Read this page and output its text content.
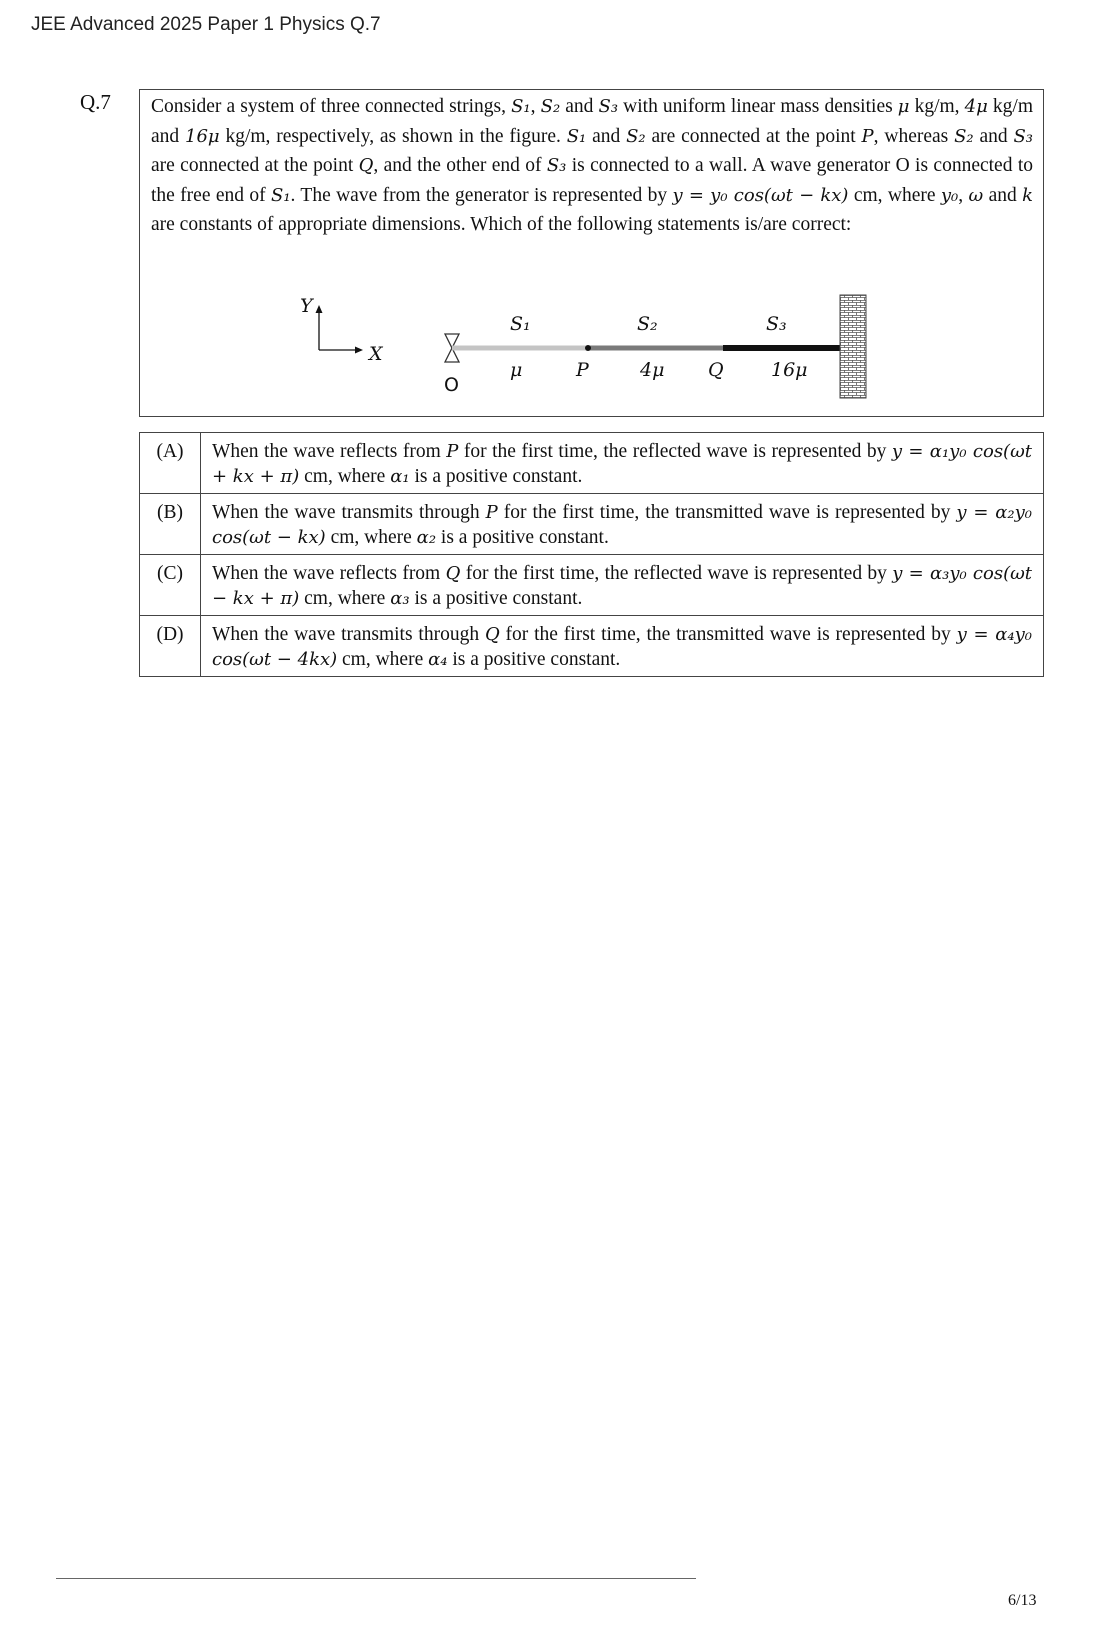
JEE Advanced 2025 Paper 1 Physics Q.7
Q.7 Consider a system of three connected strings, S₁, S₂ and S₃ with uniform linear mass densities μ kg/m, 4μ kg/m and 16μ kg/m, respectively, as shown in the figure. S₁ and S₂ are connected at the point P, whereas S₂ and S₃ are connected at the point Q, and the other end of S₃ is connected to a wall. A wave generator O is connected to the free end of S₁. The wave from the generator is represented by y = y₀ cos(ωt − kx) cm, where y₀, ω and k are constants of appropriate dimensions. Which of the following statements is/are correct:
Y
X
O
S₁	S₂	S₃
μ	P	4μ Q 16μ
(A)	When the wave reflects from P for the first time, the reflected wave is represented by y = α₁y₀ cos(ωt + kx + π) cm, where α₁ is a positive constant.
(B)	When the wave transmits through P for the first time, the transmitted wave is represented by y = α₂y₀ cos(ωt − kx) cm, where α₂ is a positive constant.
(C)	When the wave reflects from Q for the first time, the reflected wave is represented by y = α₃y₀ cos(ωt − kx + π) cm, where α₃ is a positive constant.
(D)	When the wave transmits through Q for the first time, the transmitted wave is represented by y = α₄y₀ cos(ωt − 4kx) cm, where α₄ is a positive constant.
6/13
